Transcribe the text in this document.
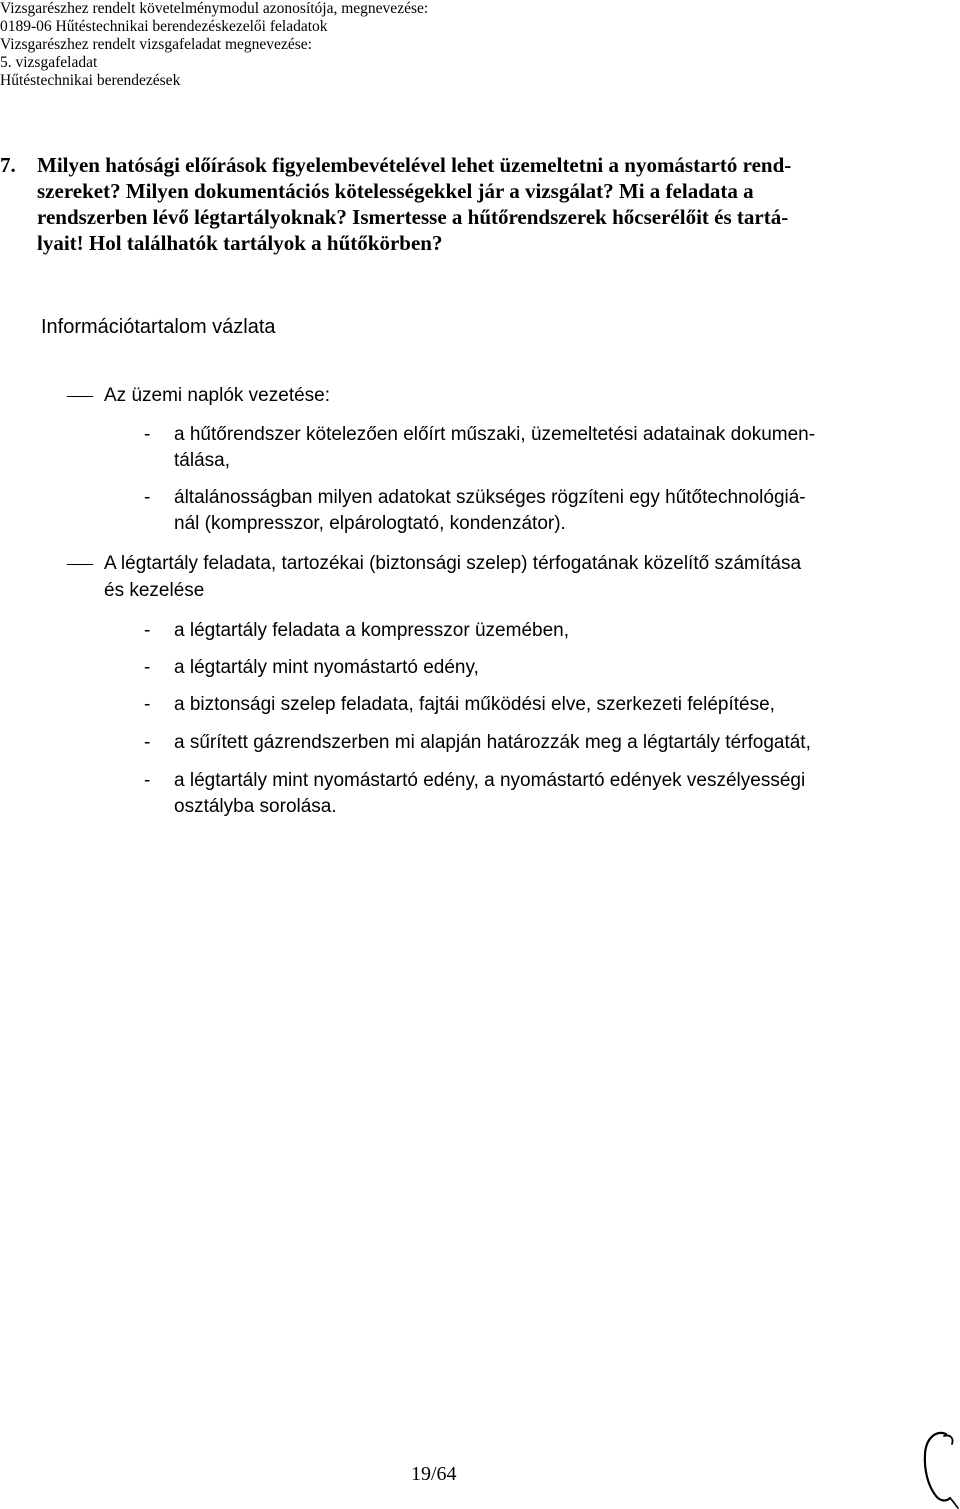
Vizsgarészhez rendelt követelménymodul azonosítója, megnevezése:
0189-06 Hűtéstechnikai berendezéskezelői feladatok
Vizsgarészhez rendelt vizsgafeladat megnevezése:
5. vizsgafeladat
Hűtéstechnikai berendezések
7. Milyen hatósági előírások figyelembevételével lehet üzemeltetni a nyomástartó rend-
szereket? Milyen dokumentációs kötelességekkel jár a vizsgálat? Mi a feladata a
rendszerben lévő légtartályoknak? Ismertesse a hűtőrendszerek hőcserélőit és tartá-
lyait! Hol találhatók tartályok a hűtőkörben?
Információtartalom vázlata
Az üzemi naplók vezetése:
- a hűtőrendszer kötelezően előírt műszaki, üzemeltetési adatainak dokumen-
tálása,
- általánosságban milyen adatokat szükséges rögzíteni egy hűtőtechnológiá-
nál (kompresszor, elpárologtató, kondenzátor).
A légtartály feladata, tartozékai (biztonsági szelep) térfogatának közelítő számítása
és kezelése
- a légtartály feladata a kompresszor üzemében,
- a légtartály mint nyomástartó edény,
- a biztonsági szelep feladata, fajtái működési elve, szerkezeti felépítése,
- a sűrített gázrendszerben mi alapján határozzák meg a légtartály térfogatát,
- a légtartály mint nyomástartó edény, a nyomástartó edények veszélyességi
osztályba sorolása.
19/64
